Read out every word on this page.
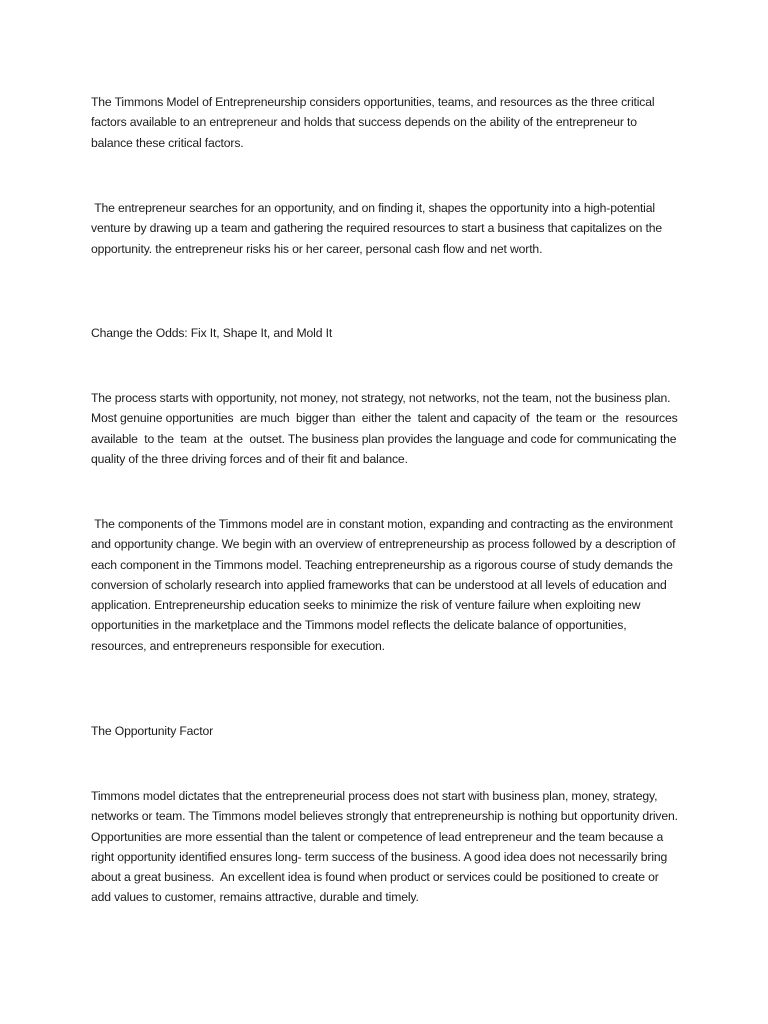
The Timmons Model of Entrepreneurship considers opportunities, teams, and resources as the three critical factors available to an entrepreneur and holds that success depends on the ability of the entrepreneur to balance these critical factors.

The entrepreneur searches for an opportunity, and on finding it, shapes the opportunity into a high-potential venture by drawing up a team and gathering the required resources to start a business that capitalizes on the opportunity. the entrepreneur risks his or her career, personal cash flow and net worth.

Change the Odds: Fix It, Shape It, and Mold It

The process starts with opportunity, not money, not strategy, not networks, not the team, not the business plan. Most genuine opportunities  are much  bigger than  either the  talent and capacity of  the team or  the  resources available  to the  team  at the  outset. The business plan provides the language and code for communicating the quality of the three driving forces and of their fit and balance.

The components of the Timmons model are in constant motion, expanding and contracting as the environment and opportunity change. We begin with an overview of entrepreneurship as process followed by a description of each component in the Timmons model. Teaching entrepreneurship as a rigorous course of study demands the conversion of scholarly research into applied frameworks that can be understood at all levels of education and application. Entrepreneurship education seeks to minimize the risk of venture failure when exploiting new opportunities in the marketplace and the Timmons model reflects the delicate balance of opportunities, resources, and entrepreneurs responsible for execution.

The Opportunity Factor

Timmons model dictates that the entrepreneurial process does not start with business plan, money, strategy, networks or team. The Timmons model believes strongly that entrepreneurship is nothing but opportunity driven. Opportunities are more essential than the talent or competence of lead entrepreneur and the team because a right opportunity identified ensures long- term success of the business. A good idea does not necessarily bring about a great business.  An excellent idea is found when product or services could be positioned to create or add values to customer, remains attractive, durable and timely.
